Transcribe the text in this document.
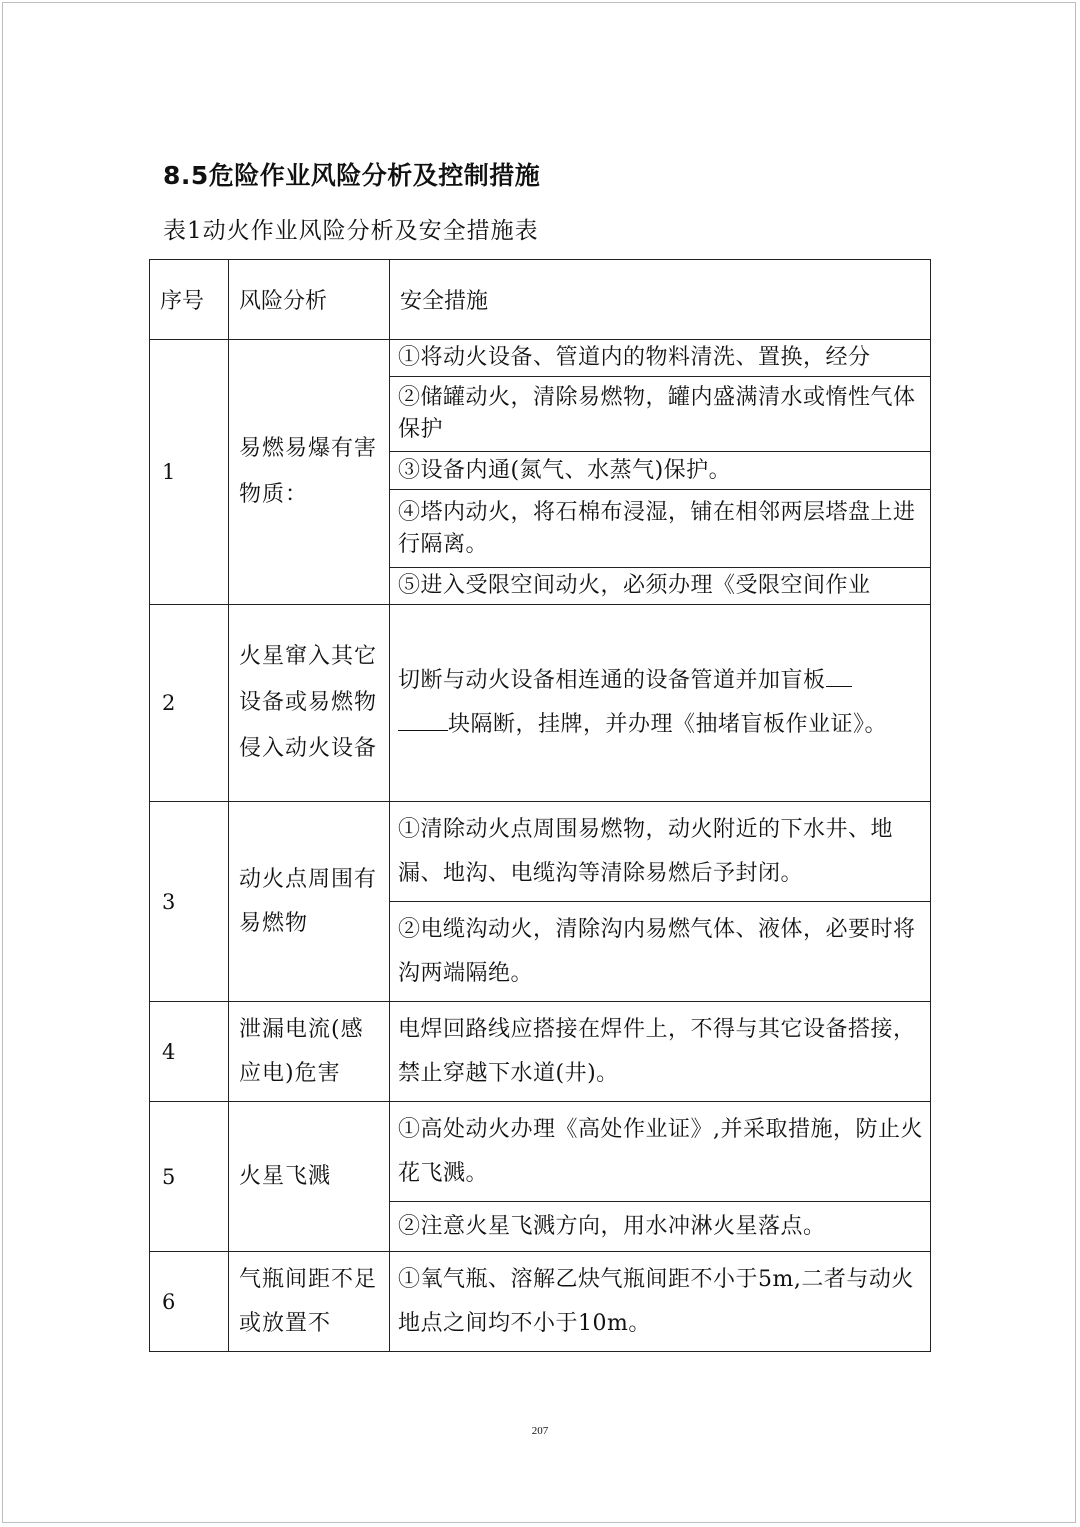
8.5危险作业风险分析及控制措施

表1动火作业风险分析及安全措施表

序号	风险分析	安全措施
1	易燃易爆有害物质：	①将动火设备、管道内的物料清洗、置换，经分
		②储罐动火，清除易燃物，罐内盛满清水或惰性气体保护
		③设备内通(氮气、水蒸气)保护。
		④塔内动火，将石棉布浸湿，铺在相邻两层塔盘上进行隔离。
		⑤进入受限空间动火，必须办理《受限空间作业
2	火星窜入其它设备或易燃物侵入动火设备	切断与动火设备相连通的设备管道并加盲板
块隔断，挂牌，并办理《抽堵盲板作业证》。
3	动火点周围有易燃物	①清除动火点周围易燃物，动火附近的下水井、地漏、地沟、电缆沟等清除易燃后予封闭。
		②电缆沟动火，清除沟内易燃气体、液体，必要时将沟两端隔绝。
4	泄漏电流(感应电)危害	电焊回路线应搭接在焊件上，不得与其它设备搭接，禁止穿越下水道(井)。
5	火星飞溅	①高处动火办理《高处作业证》,并采取措施，防止火花飞溅。
		②注意火星飞溅方向，用水冲淋火星落点。
6	气瓶间距不足或放置不	①氧气瓶、溶解乙炔气瓶间距不小于5m,二者与动火地点之间均不小于10m。
207
